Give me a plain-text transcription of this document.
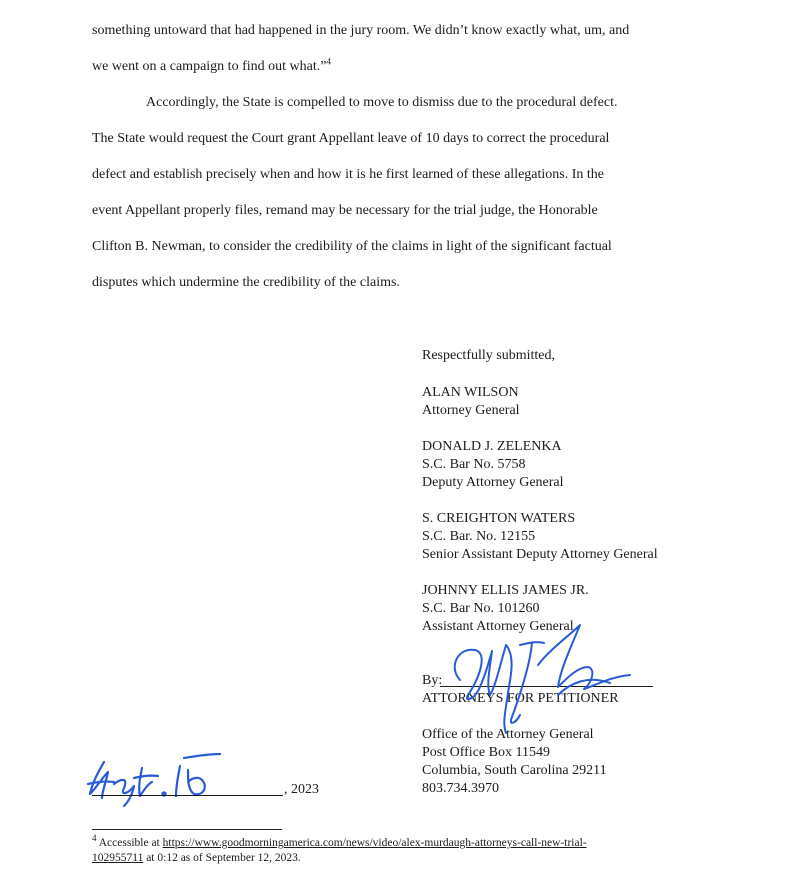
something untoward that had happened in the jury room. We didn’t know exactly what, um, and
we went on a campaign to find out what.”$^4$
Accordingly, the State is compelled to move to dismiss due to the procedural defect.
The State would request the Court grant Appellant leave of 10 days to correct the procedural
defect and establish precisely when and how it is he first learned of these allegations. In the
event Appellant properly files, remand may be necessary for the trial judge, the Honorable
Clifton B. Newman, to consider the credibility of the claims in light of the significant factual
disputes which undermine the credibility of the claims.
Respectfully submitted,
ALAN WILSON
Attorney General
DONALD J. ZELENKA
S.C. Bar No. 5758
Deputy Attorney General
S. CREIGHTON WATERS
S.C. Bar. No. 12155
Senior Assistant Deputy Attorney General
JOHNNY ELLIS JAMES JR.
S.C. Bar No. 101260
Assistant Attorney General
By:
ATTORNEYS FOR PETITIONER
Office of the Attorney General
Post Office Box 11549
Columbia, South Carolina 29211
803.734.3970
, 2023
$^4$ Accessible at https://www.goodmorningamerica.com/news/video/alex-murdaugh-attorneys-call-new-trial-
102955711 at 0:12 as of September 12, 2023.
